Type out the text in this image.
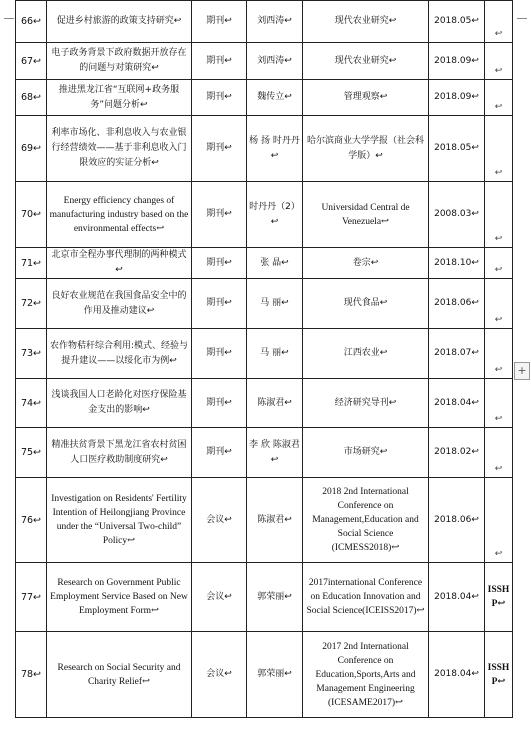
66↩	促进乡村旅游的政策支持研究↩	期刊↩	刘西涛↩	现代农业研究↩	2018.05↩	↩
67↩	电子政务背景下政府数据开放存在的问题与对策研究↩	期刊↩	刘西涛↩	现代农业研究↩	2018.09↩	↩
68↩	推进黑龙江省“互联网+政务服务”问题分析↩	期刊↩	魏传立↩	管理观察↩	2018.09↩	↩
69↩	利率市场化、非利息收入与农业银行经营绩效——基于非利息收入门限效应的实证分析↩	期刊↩	杨 扬 时丹丹↩	哈尔滨商业大学学报（社会科学版）↩	2018.05↩	↩
70↩	Energy efficiency changes of manufacturing industry based on the environmental effects↩	期刊↩	时丹丹（2）↩	Universidad Central de Venezuela↩	2008.03↩	↩
71↩	北京市全程办事代理制的两种模式↩	期刊↩	张 晶↩	卷宗↩	2018.10↩	↩
72↩	良好农业规范在我国食品安全中的作用及推动建议↩	期刊↩	马 丽↩	现代食品↩	2018.06↩	↩
73↩	农作物秸秆综合利用:模式、经验与提升建议——以绥化市为例↩	期刊↩	马 丽↩	江西农业↩	2018.07↩	↩
74↩	浅谈我国人口老龄化对医疗保险基金支出的影响↩	期刊↩	陈淑君↩	经济研究导刊↩	2018.04↩	↩
75↩	精准扶贫背景下黑龙江省农村贫困人口医疗救助制度研究↩	期刊↩	李 欣 陈淑君↩	市场研究↩	2018.02↩	↩
76↩	Investigation on Residents' Fertility Intention of Heilongjiang Province under the “Universal Two-child” Policy↩	会议↩	陈淑君↩	2018 2nd International Conference on Management,Education and Social Science (ICMESS2018)↩	2018.06↩	↩
77↩	Research on Government Public Employment Service Based on New Employment Form↩	会议↩	郭荣丽↩	2017international Conference on Education Innovation and Social Science(ICEISS2017)↩	2018.04↩	ISSHP↩
78↩	Research on Social Security and Charity Relief↩	会议↩	郭荣丽↩	2017 2nd International Conference on Education,Sports,Arts and Management Engineering (ICESAME2017)↩	2018.04↩	ISSHP↩
+
